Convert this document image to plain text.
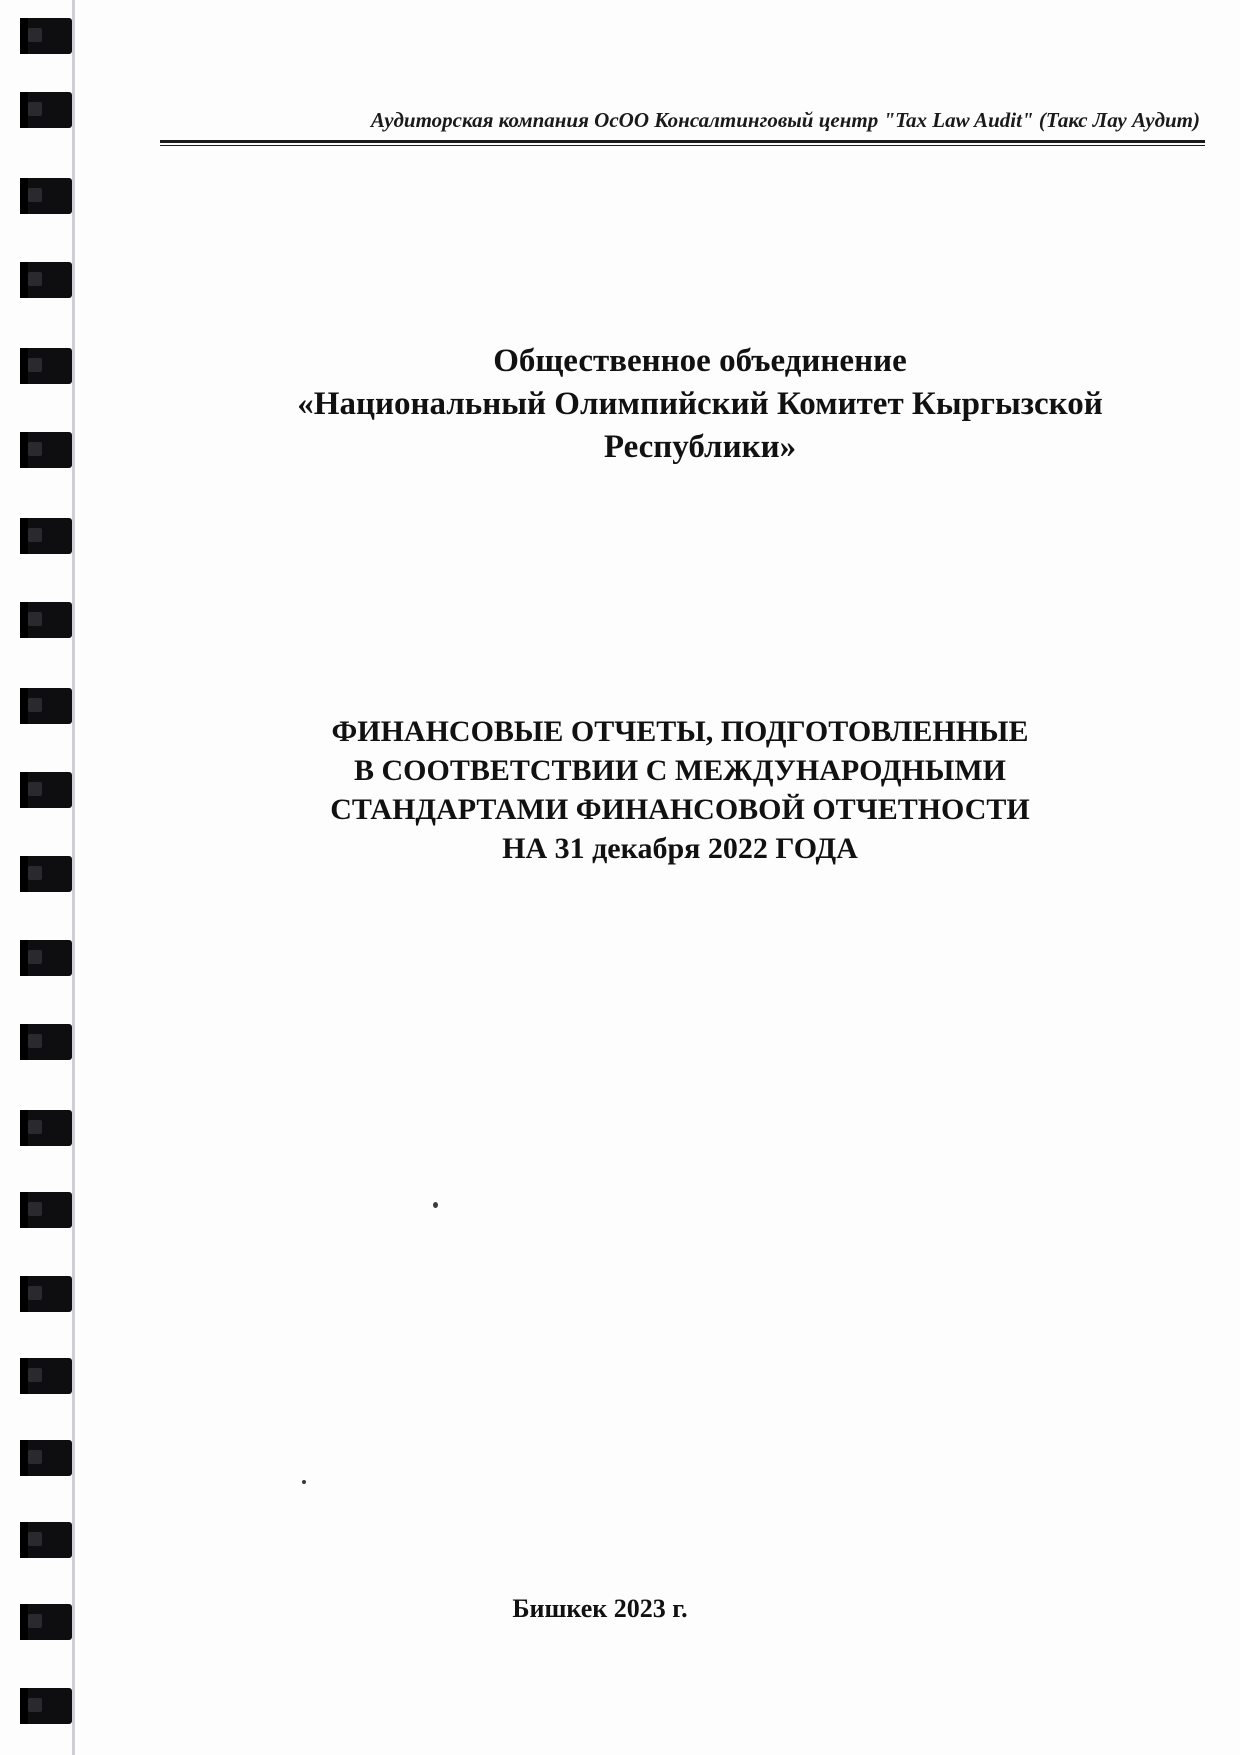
Аудиторская компания ОсОО Консалтинговый центр "Tax Law Audit" (Такс Лау Аудит)
Общественное объединение
«Национальный Олимпийский Комитет Кыргызской
Республики»
ФИНАНСОВЫЕ ОТЧЕТЫ, ПОДГОТОВЛЕННЫЕ
В СООТВЕТСТВИИ С МЕЖДУНАРОДНЫМИ
СТАНДАРТАМИ ФИНАНСОВОЙ ОТЧЕТНОСТИ
НА 31 декабря 2022 ГОДА
Бишкек 2023 г.
